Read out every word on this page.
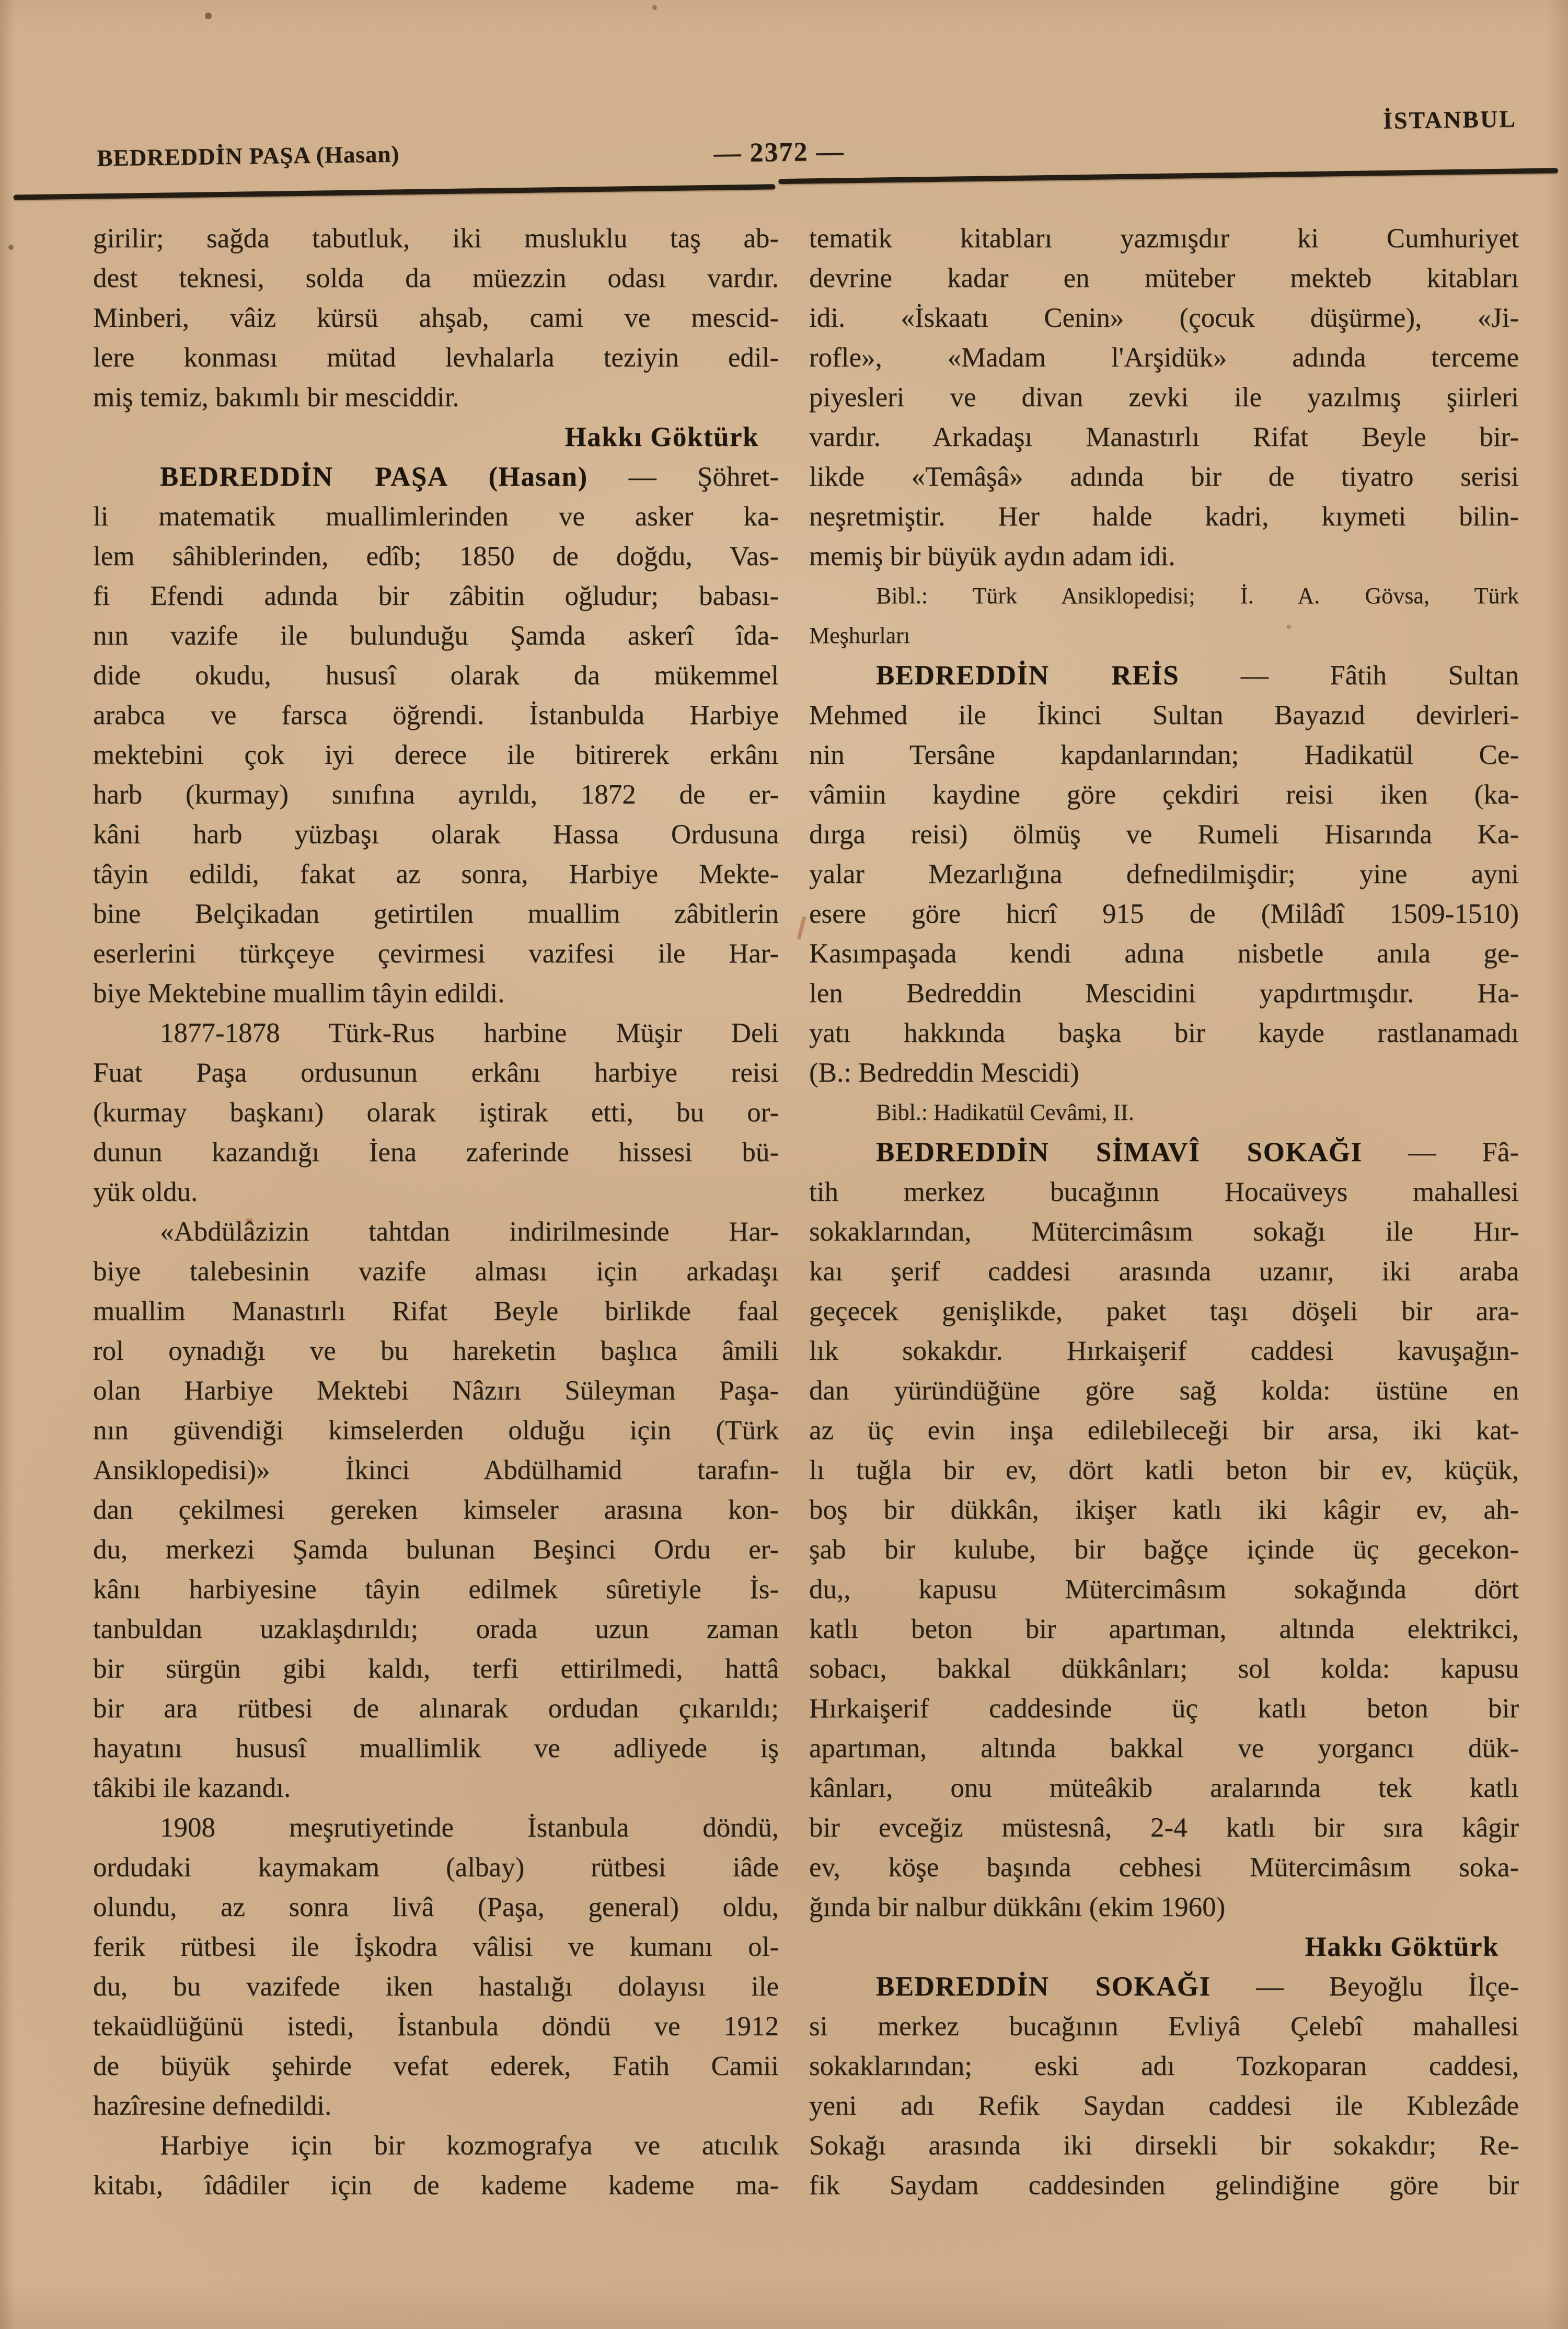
BEDREDDİN PAŞA (Hasan)	— 2372 —
İSTANBUL
girilir; sağda tabutluk, iki musluklu taş ab-
dest teknesi, solda da müezzin odası vardır.
Minberi, vâiz kürsü ahşab, cami ve mescid-
lere konması mütad levhalarla teziyin edil-
miş temiz, bakımlı bir mesciddir.
Hakkı Göktürk
BEDREDDİN PAŞA (Hasan) — Şöhret-
li matematik muallimlerinden ve asker ka-
lem sâhiblerinden, edîb; 1850 de doğdu, Vas-
fi Efendi adında bir zâbitin oğludur; babası-
nın vazife ile bulunduğu Şamda askerî îda-
dide okudu, hususî olarak da mükemmel
arabca ve farsca öğrendi. İstanbulda Harbiye
mektebini çok iyi derece ile bitirerek erkânı
harb (kurmay) sınıfına ayrıldı, 1872 de er-
kâni harb yüzbaşı olarak Hassa Ordusuna
tâyin edildi, fakat az sonra, Harbiye Mekte-
bine Belçikadan getirtilen muallim zâbitlerin
eserlerini türkçeye çevirmesi vazifesi ile Har-
biye Mektebine muallim tâyin edildi.
1877-1878 Türk-Rus harbine Müşir Deli
Fuat Paşa ordusunun erkânı harbiye reisi
(kurmay başkanı) olarak iştirak etti, bu or-
dunun kazandığı İena zaferinde hissesi bü-
yük oldu.
«Abdülâzizin tahtdan indirilmesinde Har-
biye talebesinin vazife alması için arkadaşı
muallim Manastırlı Rifat Beyle birlikde faal
rol oynadığı ve bu hareketin başlıca âmili
olan Harbiye Mektebi Nâzırı Süleyman Paşa-
nın güvendiği kimselerden olduğu için (Türk
Ansiklopedisi)» İkinci Abdülhamid tarafın-
dan çekilmesi gereken kimseler arasına kon-
du, merkezi Şamda bulunan Beşinci Ordu er-
kânı harbiyesine tâyin edilmek sûretiyle İs-
tanbuldan uzaklaşdırıldı; orada uzun zaman
bir sürgün gibi kaldı, terfi ettirilmedi, hattâ
bir ara rütbesi de alınarak ordudan çıkarıldı;
hayatını hususî muallimlik ve adliyede iş
tâkibi ile kazandı.
1908 meşrutiyetinde İstanbula döndü,
ordudaki kaymakam (albay) rütbesi iâde
olundu, az sonra livâ (Paşa, general) oldu,
ferik rütbesi ile İşkodra vâlisi ve kumanı ol-
du, bu vazifede iken hastalığı dolayısı ile
tekaüdlüğünü istedi, İstanbula döndü ve 1912
de büyük şehirde vefat ederek, Fatih Camii
hazîresine defnedildi.
Harbiye için bir kozmografya ve atıcılık
kitabı, îdâdiler için de kademe kademe ma-
tematik kitabları yazmışdır ki Cumhuriyet
devrine kadar en müteber mekteb kitabları
idi. «İskaatı Cenin» (çocuk düşürme), «Ji-
rofle», «Madam l'Arşidük» adında terceme
piyesleri ve divan zevki ile yazılmış şiirleri
vardır. Arkadaşı Manastırlı Rifat Beyle bir-
likde «Temâşâ» adında bir de tiyatro serisi
neşretmiştir. Her halde kadri, kıymeti bilin-
memiş bir büyük aydın adam idi.
Bibl.: Türk Ansiklopedisi; İ. A. Gövsa, Türk
Meşhurları
BEDREDDİN REİS — Fâtih Sultan
Mehmed ile İkinci Sultan Bayazıd devirleri-
nin Tersâne kapdanlarından; Hadikatül Ce-
vâmiin kaydine göre çekdiri reisi iken (ka-
dırga reisi) ölmüş ve Rumeli Hisarında Ka-
yalar Mezarlığına defnedilmişdir; yine ayni
esere göre hicrî 915 de (Milâdî 1509-1510)
Kasımpaşada kendi adına nisbetle anıla ge-
len Bedreddin Mescidini yapdırtmışdır. Ha-
yatı hakkında başka bir kayde rastlanamadı
(B.: Bedreddin Mescidi)
Bibl.: Hadikatül Cevâmi, II.
BEDREDDİN SİMAVÎ SOKAĞI — Fâ-
tih merkez bucağının Hocaüveys mahallesi
sokaklarından, Mütercimâsım sokağı ile Hır-
kaı şerif caddesi arasında uzanır, iki araba
geçecek genişlikde, paket taşı döşeli bir ara-
lık sokakdır. Hırkaişerif caddesi kavuşağın-
dan yüründüğüne göre sağ kolda: üstüne en
az üç evin inşa edilebileceği bir arsa, iki kat-
lı tuğla bir ev, dört katli beton bir ev, küçük,
boş bir dükkân, ikişer katlı iki kâgir ev, ah-
şab bir kulube, bir bağçe içinde üç gecekon-
du,, kapusu Mütercimâsım sokağında dört
katlı beton bir apartıman, altında elektrikci,
sobacı, bakkal dükkânları; sol kolda: kapusu
Hırkaişerif caddesinde üç katlı beton bir
apartıman, altında bakkal ve yorgancı dük-
kânları, onu müteâkib aralarında tek katlı
bir evceğiz müstesnâ, 2-4 katlı bir sıra kâgir
ev, köşe başında cebhesi Mütercimâsım soka-
ğında bir nalbur dükkânı (ekim 1960)
Hakkı Göktürk
BEDREDDİN SOKAĞI — Beyoğlu İlçe-
si merkez bucağının Evliyâ Çelebî mahallesi
sokaklarından; eski adı Tozkoparan caddesi,
yeni adı Refik Saydan caddesi ile Kıblezâde
Sokağı arasında iki dirsekli bir sokakdır; Re-
fik Saydam caddesinden gelindiğine göre bir
